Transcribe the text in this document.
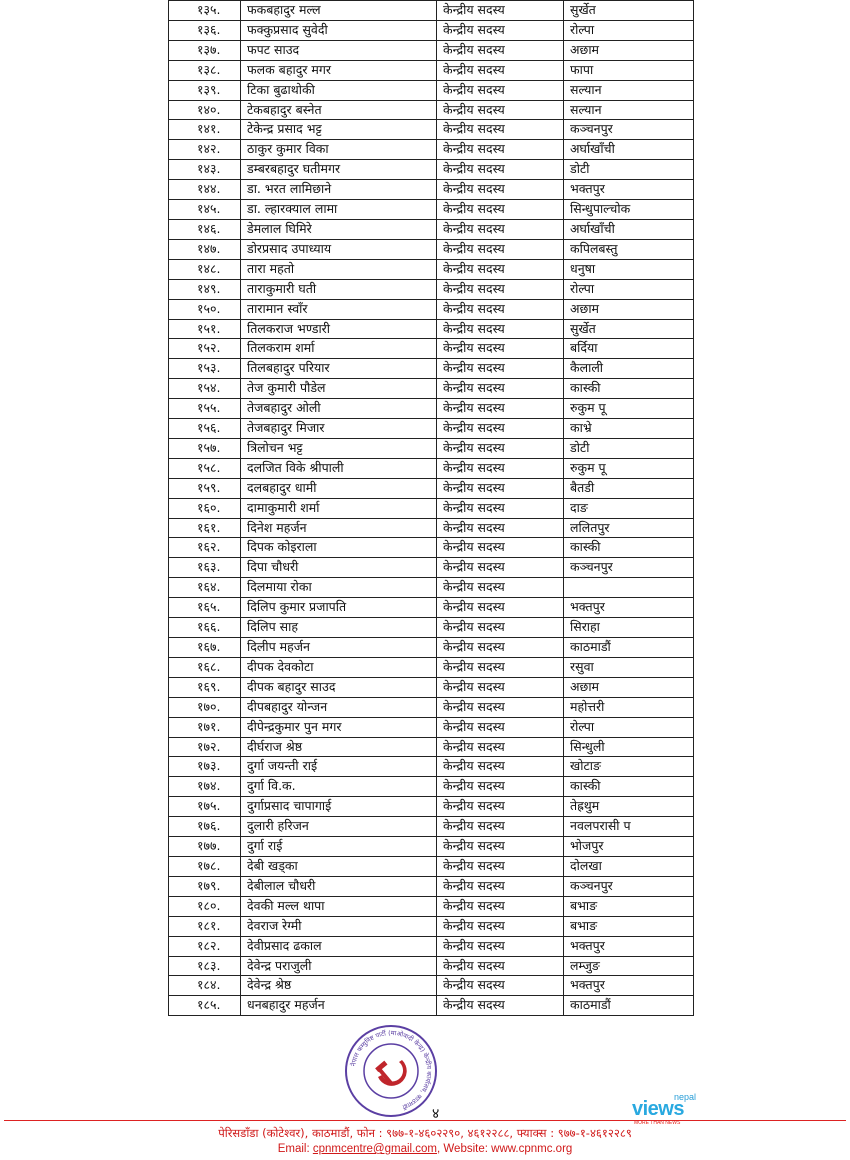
१३५.	फकबहादुर मल्ल	केन्द्रीय सदस्य	सुर्खेत
१३६.	फक्कुप्रसाद सुवेदी	केन्द्रीय सदस्य	रोल्पा
१३७.	फपट साउद	केन्द्रीय सदस्य	अछाम
१३८.	फलक बहादुर मगर	केन्द्रीय सदस्य	फापा
१३९.	टिका बुढाथोकी	केन्द्रीय सदस्य	सल्यान
१४०.	टेकबहादुर बस्नेत	केन्द्रीय सदस्य	सल्यान
१४१.	टेकेन्द्र प्रसाद भट्ट	केन्द्रीय सदस्य	कञ्चनपुर
१४२.	ठाकुर कुमार विका	केन्द्रीय सदस्य	अर्घाखाँची
१४३.	डम्बरबहादुर घतीमगर	केन्द्रीय सदस्य	डोटी
१४४.	डा. भरत लामिछाने	केन्द्रीय सदस्य	भक्तपुर
१४५.	डा. ल्हारक्याल लामा	केन्द्रीय सदस्य	सिन्धुपाल्चोक
१४६.	डेमलाल घिमिरे	केन्द्रीय सदस्य	अर्घाखाँची
१४७.	डोरप्रसाद उपाध्याय	केन्द्रीय सदस्य	कपिलबस्तु
१४८.	तारा महतो	केन्द्रीय सदस्य	धनुषा
१४९.	ताराकुमारी घती	केन्द्रीय सदस्य	रोल्पा
१५०.	तारामान स्वाँर	केन्द्रीय सदस्य	अछाम
१५१.	तिलकराज भण्डारी	केन्द्रीय सदस्य	सुर्खेत
१५२.	तिलकराम शर्मा	केन्द्रीय सदस्य	बर्दिया
१५३.	तिलबहादुर परियार	केन्द्रीय सदस्य	कैलाली
१५४.	तेज कुमारी पौडेल	केन्द्रीय सदस्य	कास्की
१५५.	तेजबहादुर ओली	केन्द्रीय सदस्य	रुकुम पू
१५६.	तेजबहादुर मिजार	केन्द्रीय सदस्य	काभ्रे
१५७.	त्रिलोचन भट्ट	केन्द्रीय सदस्य	डोटी
१५८.	दलजित विके श्रीपाली	केन्द्रीय सदस्य	रुकुम पू
१५९.	दलबहादुर धामी	केन्द्रीय सदस्य	बैतडी
१६०.	दामाकुमारी शर्मा	केन्द्रीय सदस्य	दाङ
१६१.	दिनेश महर्जन	केन्द्रीय सदस्य	ललितपुर
१६२.	दिपक कोइराला	केन्द्रीय सदस्य	कास्की
१६३.	दिपा चौधरी	केन्द्रीय सदस्य	कञ्चनपुर
१६४.	दिलमाया रोका	केन्द्रीय सदस्य	
१६५.	दिलिप कुमार प्रजापति	केन्द्रीय सदस्य	भक्तपुर
१६६.	दिलिप साह	केन्द्रीय सदस्य	सिराहा
१६७.	दिलीप महर्जन	केन्द्रीय सदस्य	काठमाडौं
१६८.	दीपक देवकोटा	केन्द्रीय सदस्य	रसुवा
१६९.	दीपक बहादुर साउद	केन्द्रीय सदस्य	अछाम
१७०.	दीपबहादुर योन्जन	केन्द्रीय सदस्य	महोत्तरी
१७१.	दीपेन्द्रकुमार पुन मगर	केन्द्रीय सदस्य	रोल्पा
१७२.	दीर्घराज श्रेष्ठ	केन्द्रीय सदस्य	सिन्धुली
१७३.	दुर्गा जयन्ती राई	केन्द्रीय सदस्य	खोटाङ
१७४.	दुर्गा वि.क.	केन्द्रीय सदस्य	कास्की
१७५.	दुर्गाप्रसाद चापागाई	केन्द्रीय सदस्य	तेह्रथुम
१७६.	दुलारी हरिजन	केन्द्रीय सदस्य	नवलपरासी प
१७७.	दुर्गा राई	केन्द्रीय सदस्य	भोजपुर
१७८.	देबी खड्का	केन्द्रीय सदस्य	दोलखा
१७९.	देबीलाल चौधरी	केन्द्रीय सदस्य	कञ्चनपुर
१८०.	देवकी मल्ल थापा	केन्द्रीय सदस्य	बभाङ
१८१.	देवराज रेग्मी	केन्द्रीय सदस्य	बभाङ
१८२.	देवीप्रसाद ढकाल	केन्द्रीय सदस्य	भक्तपुर
१८३.	देवेन्द्र पराजुली	केन्द्रीय सदस्य	लम्जुङ
१८४.	देवेन्द्र श्रेष्ठ	केन्द्रीय सदस्य	भक्तपुर
१८५.	धनबहादुर महर्जन	केन्द्रीय सदस्य	काठमाडौं
नेपाल कम्युनिष्ट पार्टी (माओवादी केन्द्र) केन्द्रीय कार्यालय, काठमाडौं	४
nepal
views
MORE THAN NEWS
पेरिसडाँडा (कोटेश्वर), काठमाडौं, फोन : ९७७-१-४६०२२९०, ४६१२२८८, फ्याक्स : ९७७-१-४६१२२८९
Email: cpnmcentre@gmail.com, Website: www.cpnmc.org
